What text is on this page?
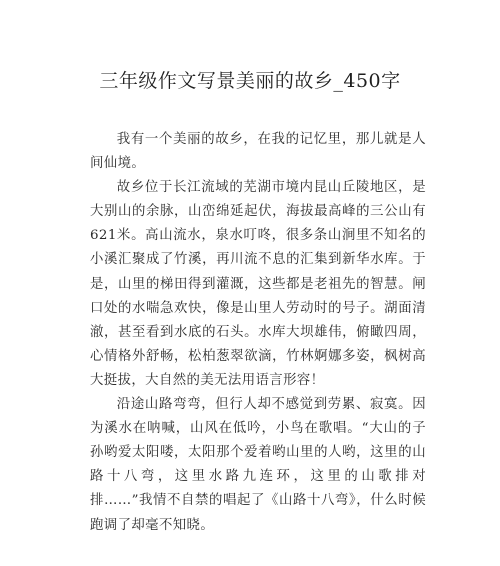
三年级作文写景美丽的故乡_450字

我有一个美丽的故乡，在我的记忆里，那儿就是人间仙境。

故乡位于长江流域的芜湖市境内昆山丘陵地区，是大别山的余脉，山峦绵延起伏，海拔最高峰的三公山有621米。高山流水，泉水叮咚，很多条山涧里不知名的小溪汇聚成了竹溪，再川流不息的汇集到新华水库。于是，山里的梯田得到灌溉，这些都是老祖先的智慧。闸口处的水喘急欢快，像是山里人劳动时的号子。湖面清澈，甚至看到水底的石头。水库大坝雄伟，俯瞰四周，心情格外舒畅，松柏葱翠欲滴，竹林婀娜多姿，枫树高大挺拔，大自然的美无法用语言形容！

沿途山路弯弯，但行人却不感觉到劳累、寂寞。因为溪水在呐喊，山风在低吟，小鸟在歌唱。“大山的子孙哟爱太阳喽，太阳那个爱着哟山里的人哟，这里的山路十八弯，这里水路九连环，这里的山歌排对排……”我情不自禁的唱起了《山路十八弯》，什么时候跑调了却毫不知晓。
